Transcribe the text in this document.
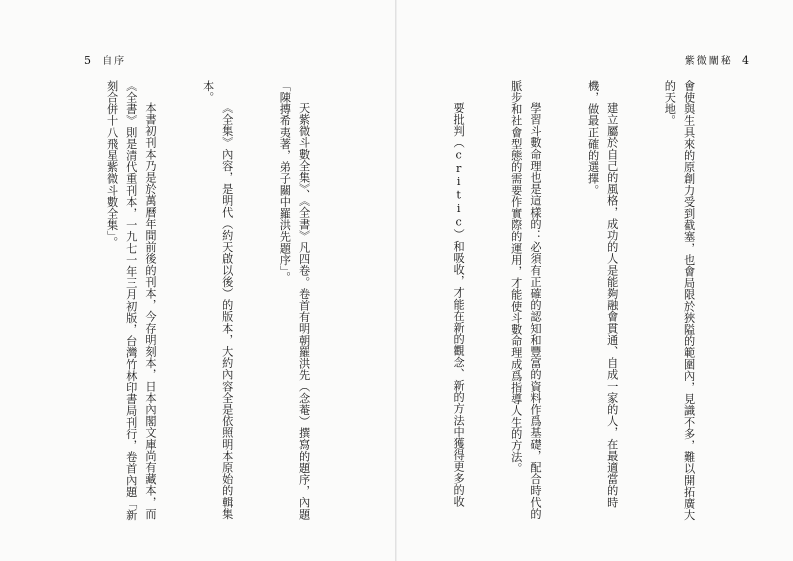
5 自序

天紫微斗數全集》、《全書》凡四卷。卷首有明朝羅洪先（念菴）撰寫的題序，內題「陳摶希夷著，弟子關中羅洪先題序」。

《全集》內容，是明代（約天啟以後）的版本，大約內容全是依照明本原始的輯集本。

本書初刊本乃是於萬曆年間前後的刊本，今存明刻本，日本內閣文庫尚有藏本，而《全書》則是清代重刊本，一九七一年三月初版，台灣竹林印書局刊行，卷首內題「新刻合併十八飛星紫微斗數全集」。

紫微闡秘 4

會使與生具來的原創力受到截塞，也會局限於狹隘的範圍內，見識不多，難以開拓廣大的天地。

建立屬於自己的風格，成功的人是能夠融會貫通、自成一家的人，在最適當的時機，做最正確的選擇。

學習斗數命理也是這樣的：必須有正確的認知和豐富的資料作爲基礎，配合時代的脈步和社會型態的需要作實際的運用，才能使斗數命理成爲指導人生的方法。

要批判（critic）和吸收，才能在新的觀念、新的方法中獲得更多的收
